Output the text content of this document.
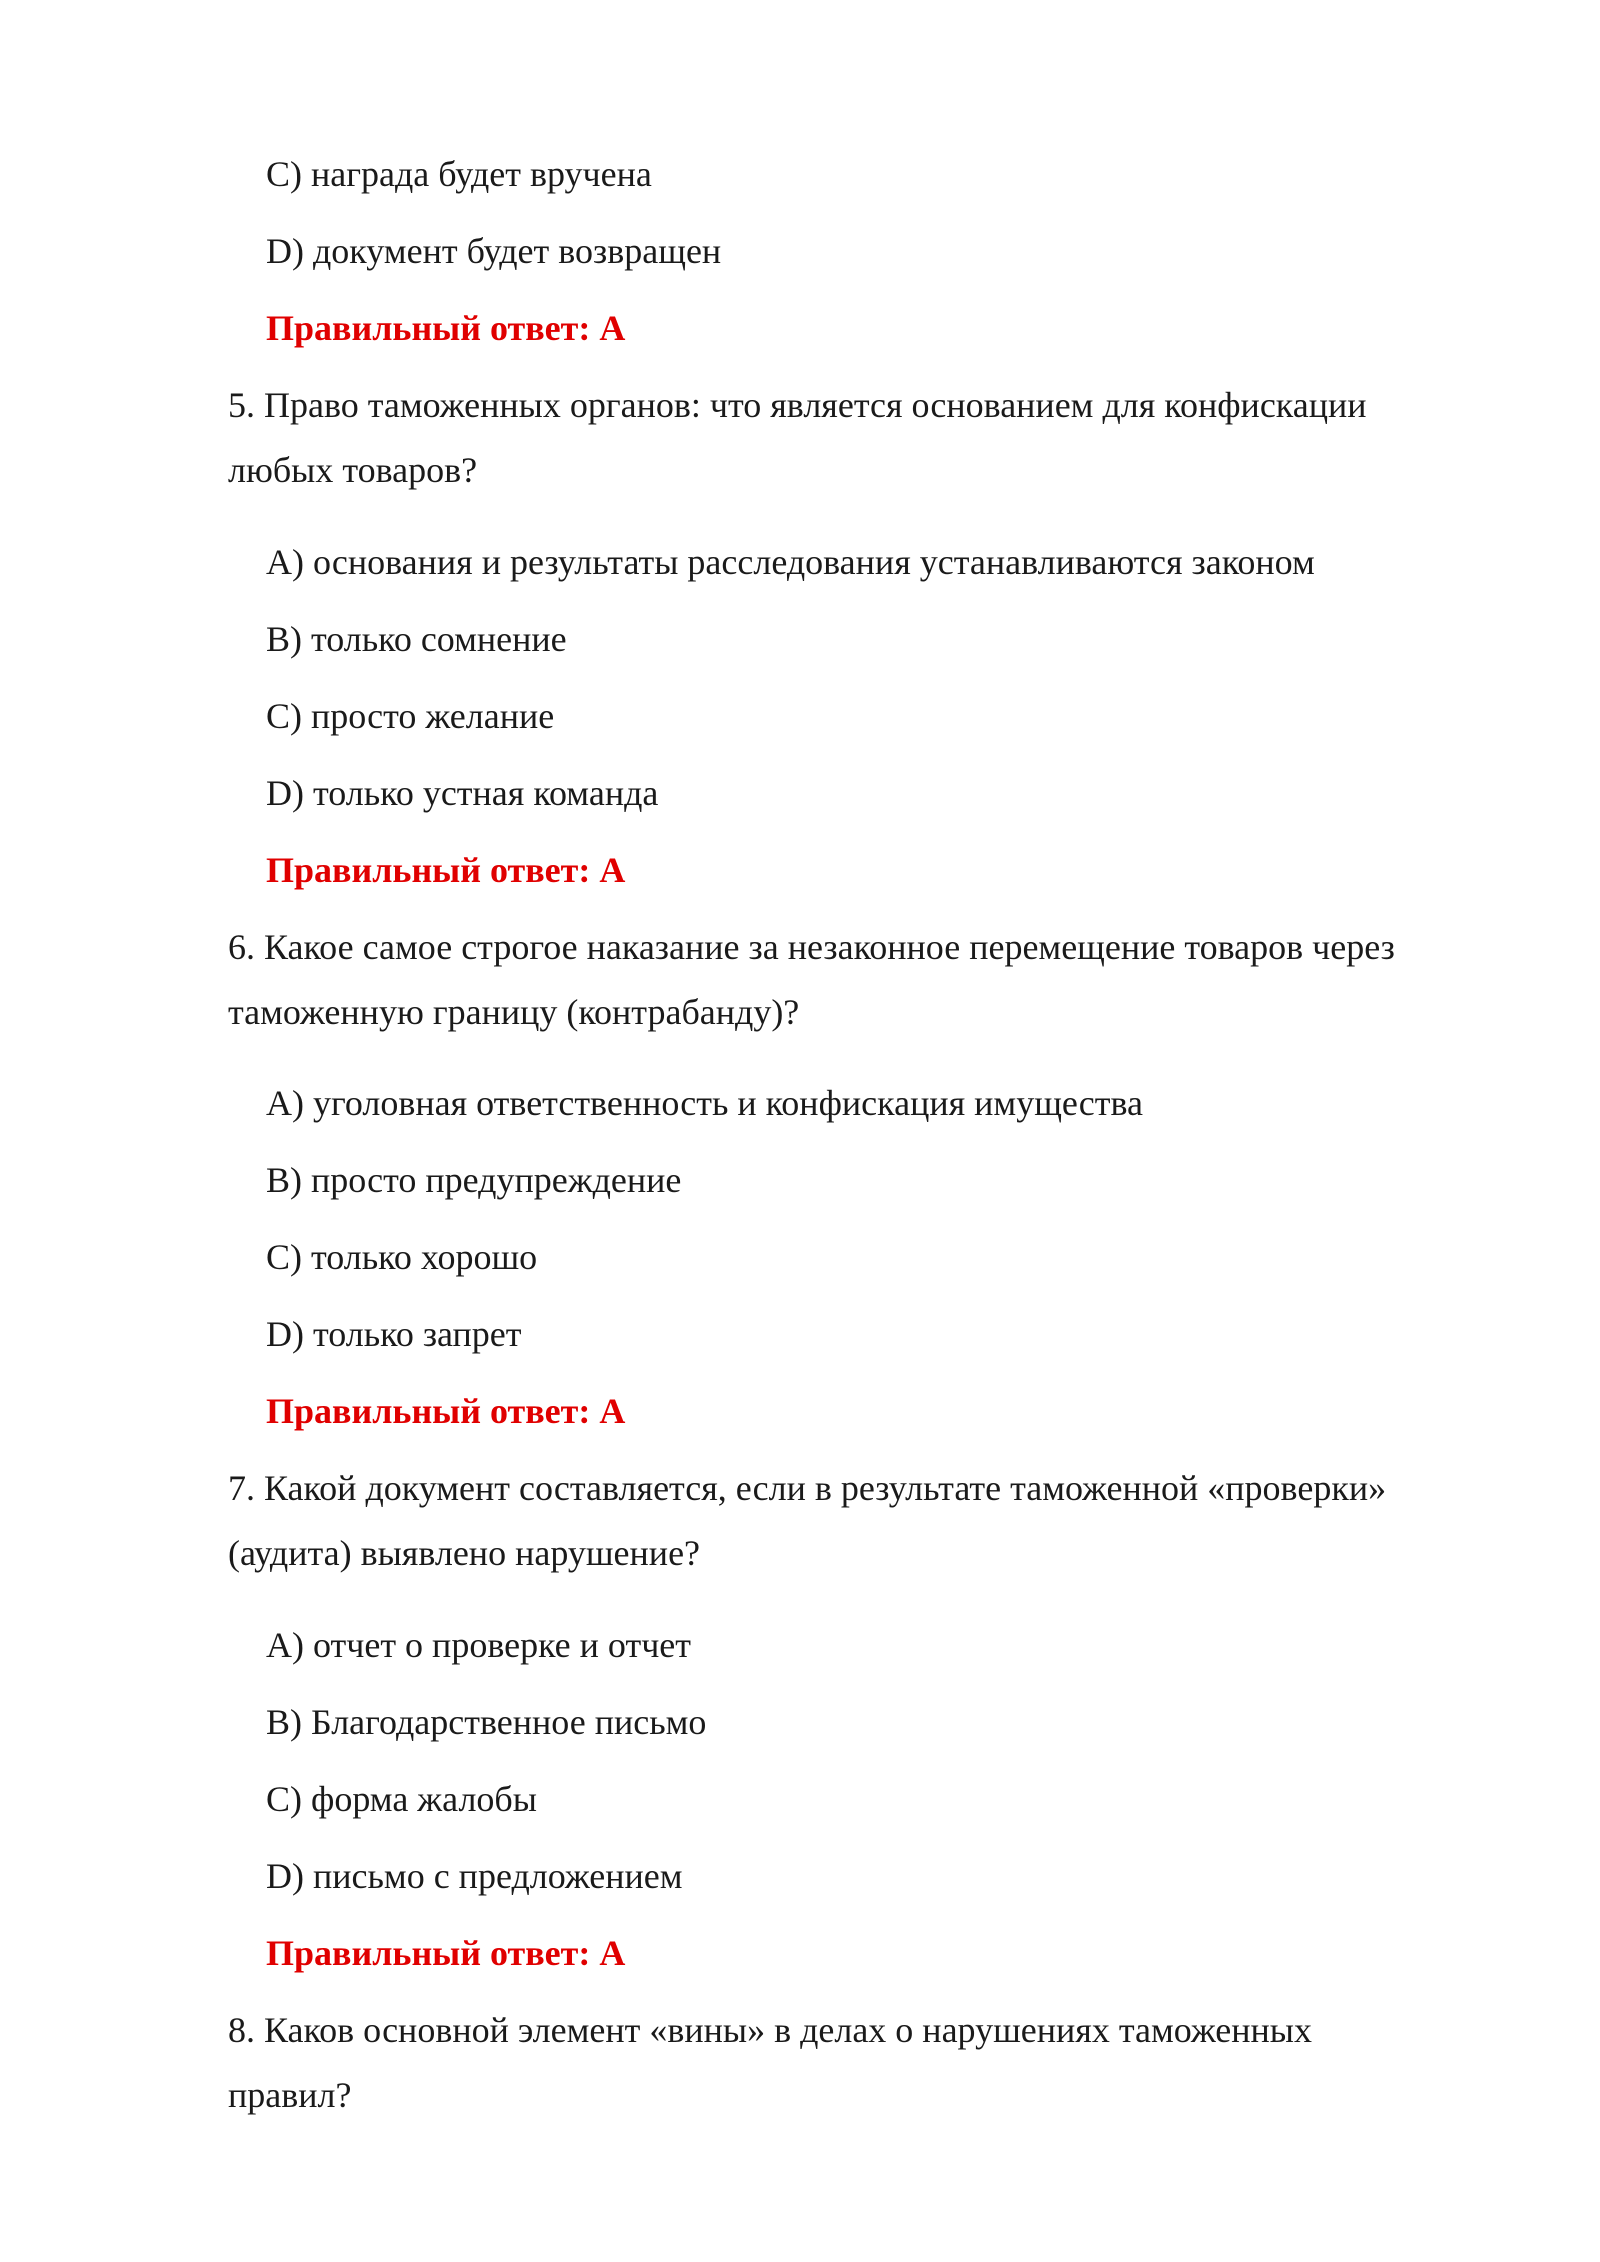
C) награда будет вручена
D) документ будет возвращен
Правильный ответ: A
5. Право таможенных органов: что является основанием для конфискации
любых товаров?
A) основания и результаты расследования устанавливаются законом
B) только сомнение
C) просто желание
D) только устная команда
Правильный ответ: A
6. Какое самое строгое наказание за незаконное перемещение товаров через
таможенную границу (контрабанду)?
A) уголовная ответственность и конфискация имущества
B) просто предупреждение
C) только хорошо
D) только запрет
Правильный ответ: A
7. Какой документ составляется, если в результате таможенной «проверки»
(аудита) выявлено нарушение?
A) отчет о проверке и отчет
B) Благодарственное письмо
C) форма жалобы
D) письмо с предложением
Правильный ответ: A
8. Каков основной элемент «вины» в делах о нарушениях таможенных
правил?
